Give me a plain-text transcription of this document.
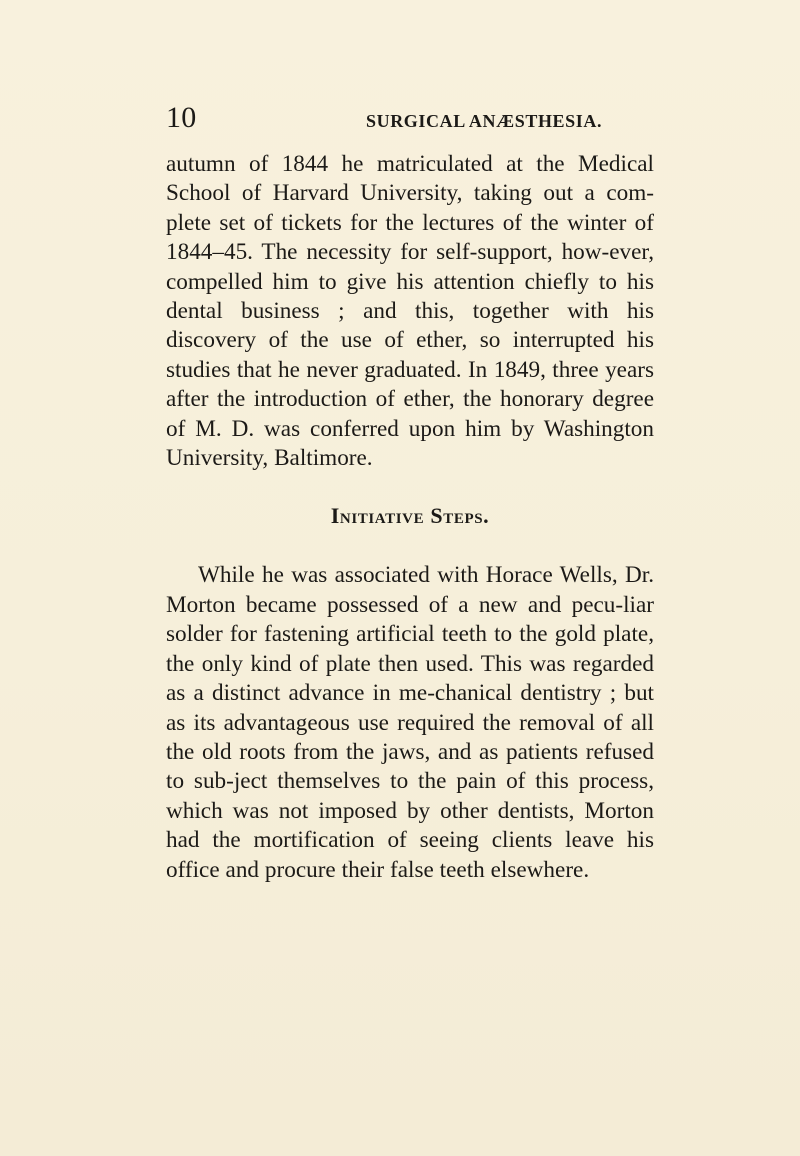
10	SURGICAL ANÆSTHESIA.

autumn of 1844 he matriculated at the Medical School of Harvard University, taking out a com-plete set of tickets for the lectures of the winter of 1844–45. The necessity for self-support, how-ever, compelled him to give his attention chiefly to his dental business ; and this, together with his discovery of the use of ether, so interrupted his studies that he never graduated. In 1849, three years after the introduction of ether, the honorary degree of M. D. was conferred upon him by Washington University, Baltimore.

Initiative Steps.

While he was associated with Horace Wells, Dr. Morton became possessed of a new and pecu-liar solder for fastening artificial teeth to the gold plate, the only kind of plate then used. This was regarded as a distinct advance in me-chanical dentistry ; but as its advantageous use required the removal of all the old roots from the jaws, and as patients refused to sub-ject themselves to the pain of this process, which was not imposed by other dentists, Morton had the mortification of seeing clients leave his office and procure their false teeth elsewhere.
